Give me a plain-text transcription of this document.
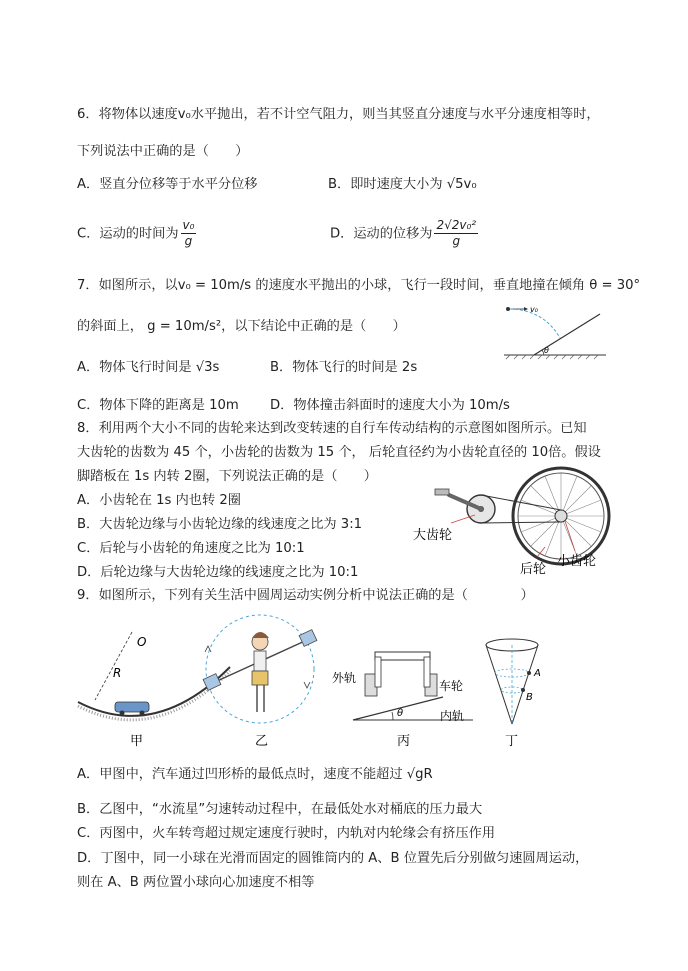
6．将物体以速度v₀水平抛出，若不计空气阻力，则当其竖直分速度与水平分速度相等时，
下列说法中正确的是（　　）
A．竖直分位移等于水平分位移	B．即时速度大小为 √5v₀
C．运动的时间为 $\frac{\text{v₀}}{g}$	D．运动的位移为 $\frac{\text{2√2v₀²}}{g}$
7．如图所示，以v₀ = 10m/s 的速度水平抛出的小球，飞行一段时间，垂直地撞在倾角 θ = 30°
的斜面上， g = 10m/s²，以下结论中正确的是（　　）
θ
v₀
A．物体飞行时间是 √3s	B．物体飞行的时间是 2s
C．物体下降的距离是 10m D．物体撞击斜面时的速度大小为 10m/s
8．利用两个大小不同的齿轮来达到改变转速的自行车传动结构的示意图如图所示。已知
大齿轮的齿数为 45 个，小齿轮的齿数为 15 个， 后轮直径约为小齿轮直径的 10倍。假设
脚踏板在 1s 内转 2圈，下列说法正确的是（　　）
A．小齿轮在 1s 内也转 2圈
B．大齿轮边缘与小齿轮边缘的线速度之比为 3:1
C．后轮与小齿轮的角速度之比为 10:1
D．后轮边缘与大齿轮边缘的线速度之比为 10:1
大齿轮
后轮
小齿轮
9．如图所示，下列有关生活中圆周运动实例分析中说法正确的是（　　　　）
O
R
甲	乙
θ
外轨
车轮
内轨
丙
A
B
丁
A．甲图中，汽车通过凹形桥的最低点时，速度不能超过 √gR
B．乙图中，“水流星”匀速转动过程中，在最低处水对桶底的压力最大
C．丙图中，火车转弯超过规定速度行驶时，内轨对内轮缘会有挤压作用
D．丁图中，同一小球在光滑而固定的圆锥筒内的 A、B 位置先后分别做匀速圆周运动，
则在 A、B 两位置小球向心加速度不相等
